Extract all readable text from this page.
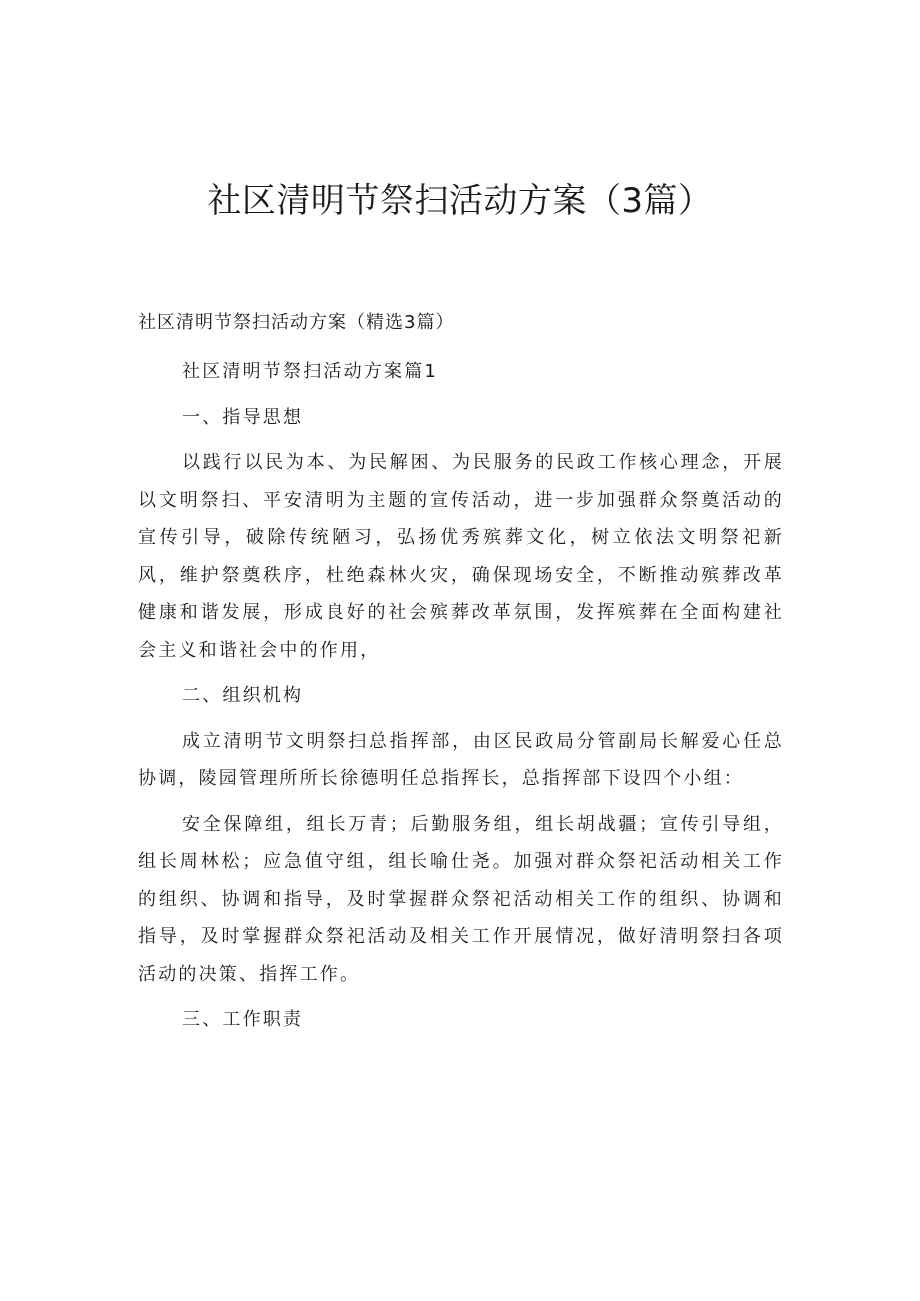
社区清明节祭扫活动方案（3篇）
社区清明节祭扫活动方案（精选3篇）

社区清明节祭扫活动方案篇1

一、指导思想

以践行以民为本、为民解困、为民服务的民政工作核心理念，开展以文明祭扫、平安清明为主题的宣传活动，进一步加强群众祭奠活动的宣传引导，破除传统陋习，弘扬优秀殡葬文化，树立依法文明祭祀新风，维护祭奠秩序，杜绝森林火灾，确保现场安全，不断推动殡葬改革健康和谐发展，形成良好的社会殡葬改革氛围，发挥殡葬在全面构建社会主义和谐社会中的作用，

二、组织机构

成立清明节文明祭扫总指挥部，由区民政局分管副局长解爱心任总协调，陵园管理所所长徐德明任总指挥长，总指挥部下设四个小组：

安全保障组，组长万青；后勤服务组，组长胡战疆；宣传引导组，组长周林松；应急值守组，组长喻仕尧。加强对群众祭祀活动相关工作的组织、协调和指导，及时掌握群众祭祀活动相关工作的组织、协调和指导，及时掌握群众祭祀活动及相关工作开展情况，做好清明祭扫各项活动的决策、指挥工作。

三、工作职责
